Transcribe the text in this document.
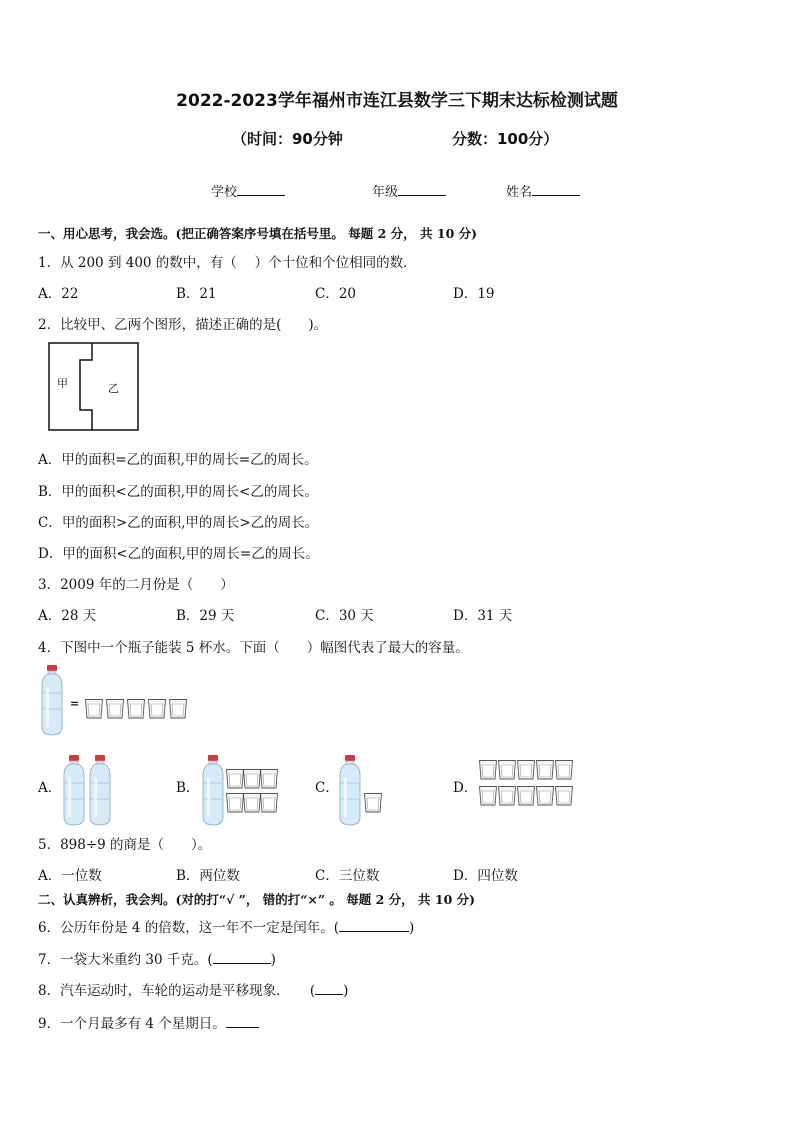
2022-2023学年福州市连江县数学三下期末达标检测试题
（时间：90分钟	分数：100分）
学校	年级	姓名
一、用心思考，我会选。(把正确答案序号填在括号里。 每题 2 分， 共 10 分)
1．从 200 到 400 的数中，有（　 ）个十位和个位相同的数．
A．22	B．21	C．20	D．19
2．比较甲、乙两个图形，描述正确的是(　　)。
甲	乙
A．甲的面积=乙的面积,甲的周长=乙的周长。
B．甲的面积<乙的面积,甲的周长<乙的周长。
C．甲的面积>乙的面积,甲的周长>乙的周长。
D．甲的面积<乙的面积,甲的周长=乙的周长。
3．2009 年的二月份是（　　）
A．28 天	B．29 天	C．30 天	D．31 天
4．下图中一个瓶子能装 5 杯水。下面（　　）幅图代表了最大的容量。
=
A．	B．	C．	D．
5．898÷9 的商是（　　）。
A．一位数	B．两位数	C．三位数	D．四位数
二、认真辨析，我会判。(对的打“√ ”， 错的打“×” 。 每题 2 分， 共 10 分)
6．公历年份是 4 的倍数，这一年不一定是闰年。(	)
7．一袋大米重约 30 千克。(	)
8．汽车运动时，车轮的运动是平移现象．　　( )
9．一个月最多有 4 个星期日。
